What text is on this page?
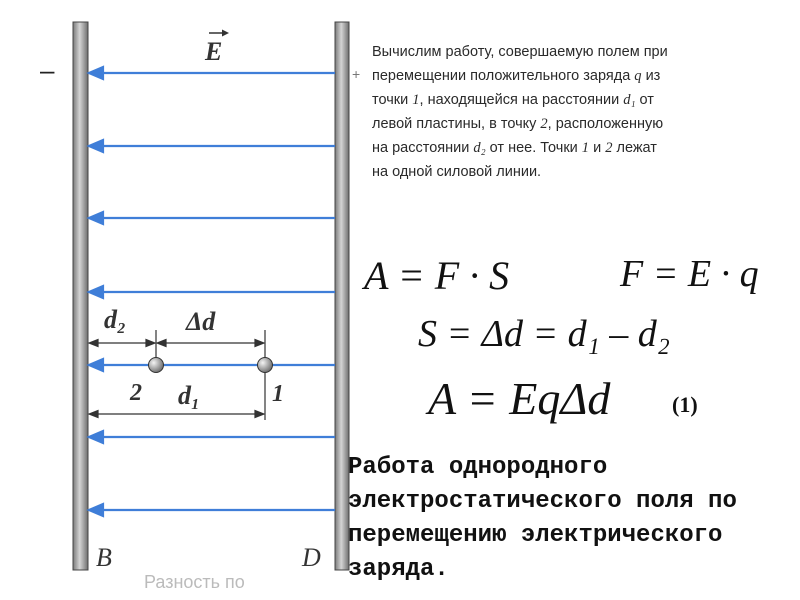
E
–	+
d₂ Δd
d₁
2	1
B	D
Разность по

Вычислим работу, совершаемую полем при перемещении положительного заряда q из точки 1, находящейся на расстоянии d₁ от левой пластины, в точку 2, расположенную на расстоянии d₂ от нее. Точки 1 и 2 лежат на одной силовой линии.

A = F · S	F = E · q
S = Δd = d₁ – d₂
A = EqΔd	(1)

Работа однородного электростатического поля по перемещению электрического заряда.
